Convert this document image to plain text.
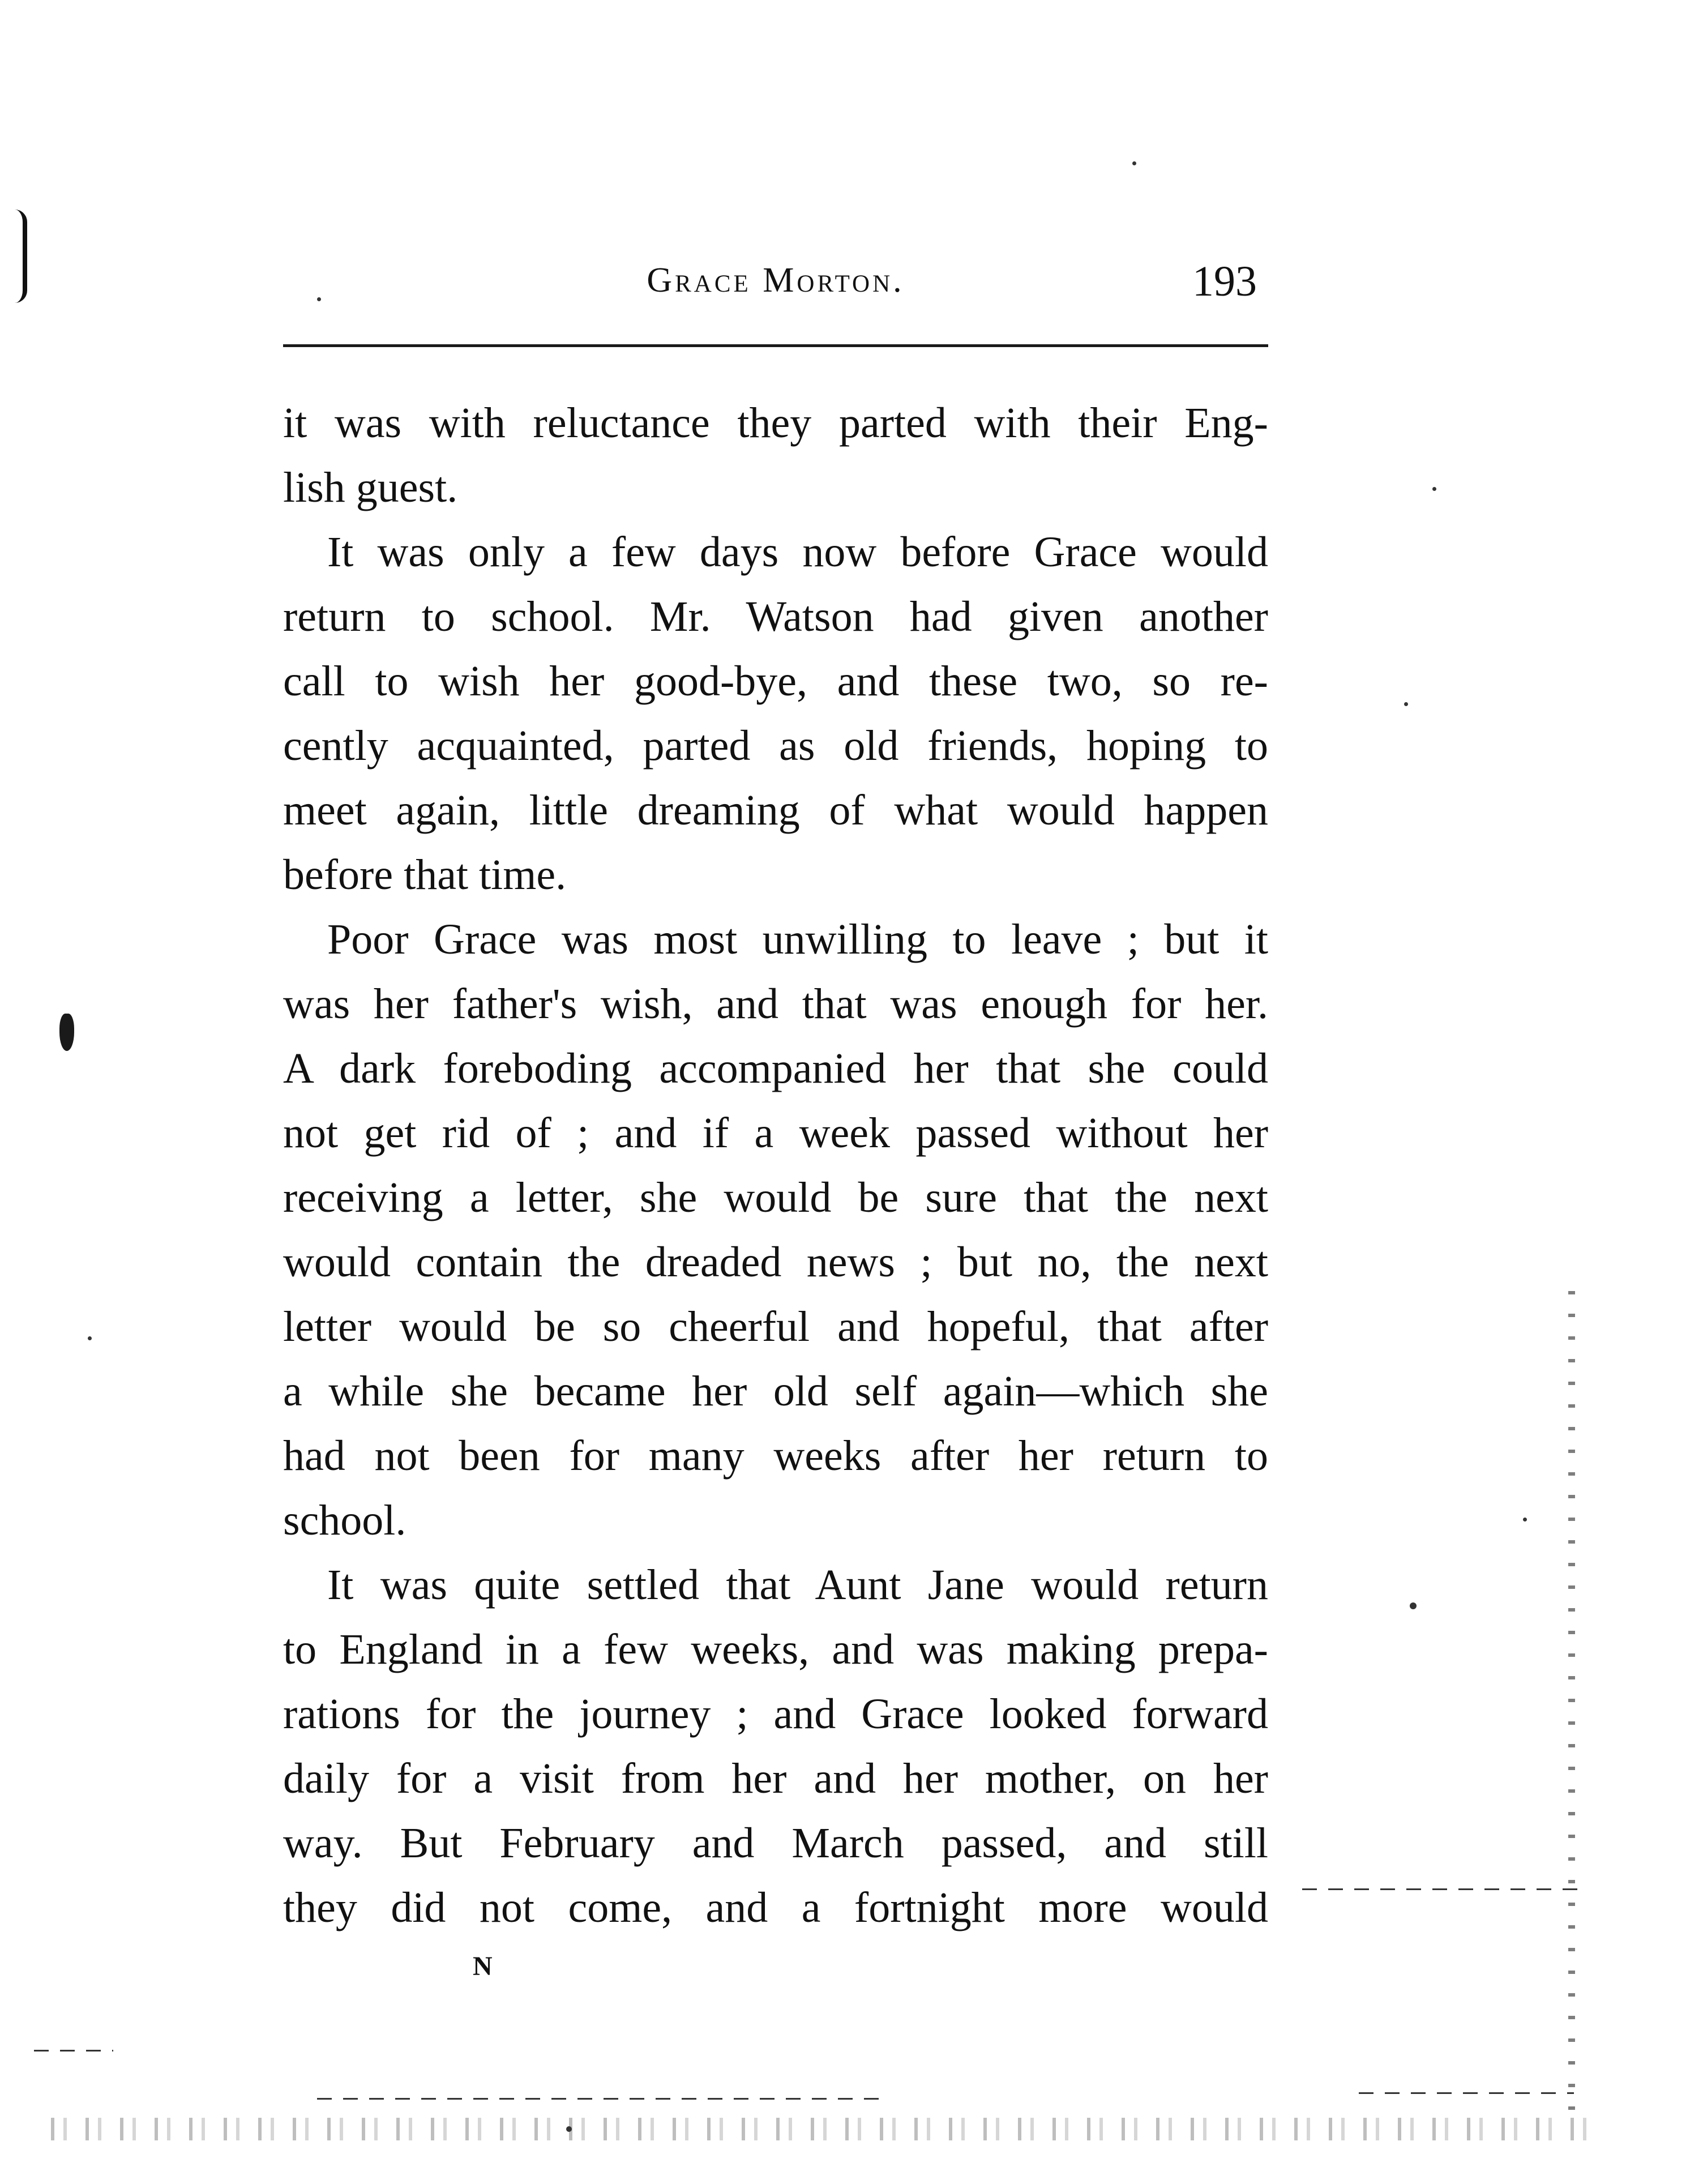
Grace Morton.	193
it was with reluctance they parted with their Eng-
lish guest.
It was only a few days now before Grace would
return to school. Mr. Watson had given another
call to wish her good-bye, and these two, so re-
cently acquainted, parted as old friends, hoping to
meet again, little dreaming of what would happen
before that time.
Poor Grace was most unwilling to leave ; but it
was her father's wish, and that was enough for her.
A dark foreboding accompanied her that she could
not get rid of ; and if a week passed without her
receiving a letter, she would be sure that the next
would contain the dreaded news ; but no, the next
letter would be so cheerful and hopeful, that after
a while she became her old self again—which she
had not been for many weeks after her return to
school.
It was quite settled that Aunt Jane would return
to England in a few weeks, and was making prepa-
rations for the journey ; and Grace looked forward
daily for a visit from her and her mother, on her
way. But February and March passed, and still
they did not come, and a fortnight more would
N
